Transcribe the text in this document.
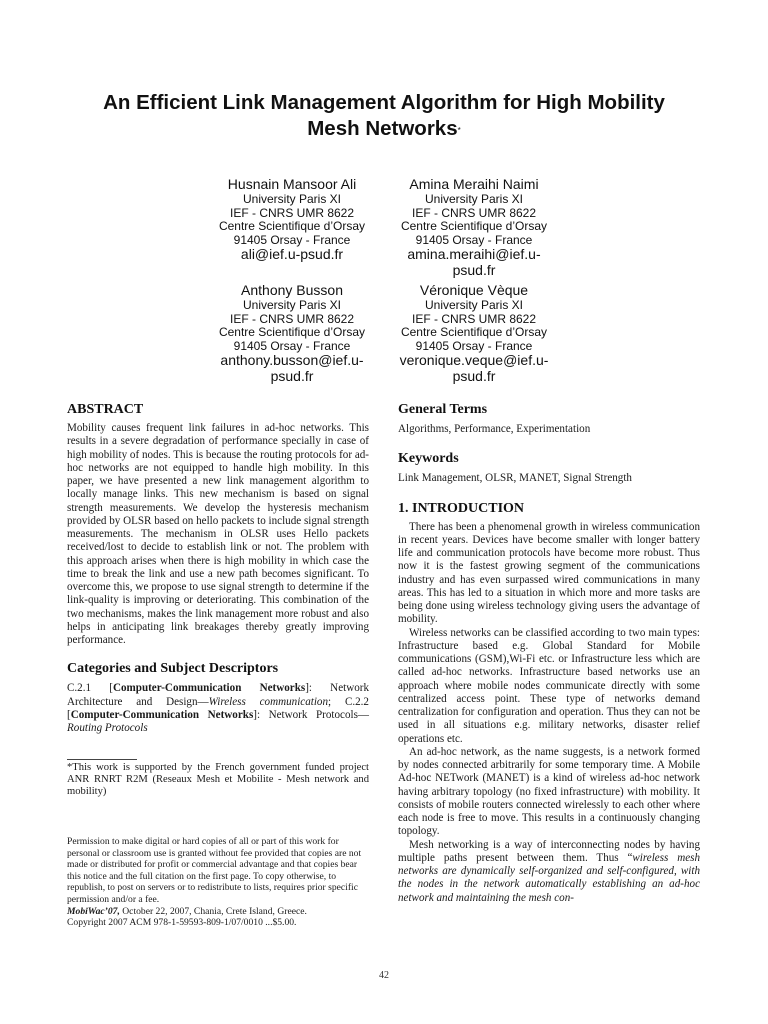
An Efficient Link Management Algorithm for High Mobility
Mesh Networks*
Husnain Mansoor Ali
University Paris XI
IEF - CNRS UMR 8622
Centre Scientifique d’Orsay
91405 Orsay - France
ali@ief.u-psud.fr
Amina Meraihi Naimi
University Paris XI
IEF - CNRS UMR 8622
Centre Scientifique d’Orsay
91405 Orsay - France
amina.meraihi@ief.u-
psud.fr
Anthony Busson
University Paris XI
IEF - CNRS UMR 8622
Centre Scientifique d’Orsay
91405 Orsay - France
anthony.busson@ief.u-
psud.fr
Véronique Vèque
University Paris XI
IEF - CNRS UMR 8622
Centre Scientifique d’Orsay
91405 Orsay - France
veronique.veque@ief.u-
psud.fr
ABSTRACT

Mobility causes frequent link failures in ad-hoc networks. This results in a severe degradation of performance specially in case of high mobility of nodes. This is because the routing protocols for ad-hoc networks are not equipped to handle high mobility. In this paper, we have presented a new link management algorithm to locally manage links. This new mechanism is based on signal strength measurements. We develop the hysteresis mechanism provided by OLSR based on hello packets to include signal strength measurements. The mechanism in OLSR uses Hello packets received/lost to decide to establish link or not. The problem with this approach arises when there is high mobility in which case the time to break the link and use a new path becomes significant. To overcome this, we propose to use signal strength to determine if the link-quality is improving or deteriorating. This combination of the two mechanisms, makes the link management more robust and also helps in anticipating link breakages thereby greatly improving performance.

Categories and Subject Descriptors

C.2.1 [Computer-Communication Networks]: Network Architecture and Design—Wireless communication; C.2.2 [Computer-Communication Networks]: Network Protocols—Routing Protocols

*This work is supported by the French government funded project ANR RNRT R2M (Reseaux Mesh et Mobilite - Mesh network and mobility)
Permission to make digital or hard copies of all or part of this work for personal or classroom use is granted without fee provided that copies are not made or distributed for profit or commercial advantage and that copies bear this notice and the full citation on the first page. To copy otherwise, to republish, to post on servers or to redistribute to lists, requires prior specific permission and/or a fee.
MobiWac’07, October 22, 2007, Chania, Crete Island, Greece.
Copyright 2007 ACM 978-1-59593-809-1/07/0010 ...$5.00.
General Terms

Algorithms, Performance, Experimentation

Keywords

Link Management, OLSR, MANET, Signal Strength

1. INTRODUCTION

There has been a phenomenal growth in wireless communication in recent years. Devices have become smaller with longer battery life and communication protocols have become more robust. Thus now it is the fastest growing segment of the communications industry and has even surpassed wired communications in many areas. This has led to a situation in which more and more tasks are being done using wireless technology giving users the advantage of mobility.

Wireless networks can be classified according to two main types: Infrastructure based e.g. Global Standard for Mobile communications (GSM),Wi-Fi etc. or Infrastructure less which are called ad-hoc networks. Infrastructure based networks use an approach where mobile nodes communicate directly with some centralized access point. These type of networks demand centralization for configuration and operation. Thus they can not be used in all situations e.g. military networks, disaster relief operations etc.

An ad-hoc network, as the name suggests, is a network formed by nodes connected arbitrarily for some temporary time. A Mobile Ad-hoc NETwork (MANET) is a kind of wireless ad-hoc network having arbitrary topology (no fixed infrastructure) with mobility. It consists of mobile routers connected wirelessly to each other where each node is free to move. This results in a continuously changing topology.

Mesh networking is a way of interconnecting nodes by having multiple paths present between them. Thus “wireless mesh networks are dynamically self-organized and self-configured, with the nodes in the network automatically establishing an ad-hoc network and maintaining the mesh con-

42
